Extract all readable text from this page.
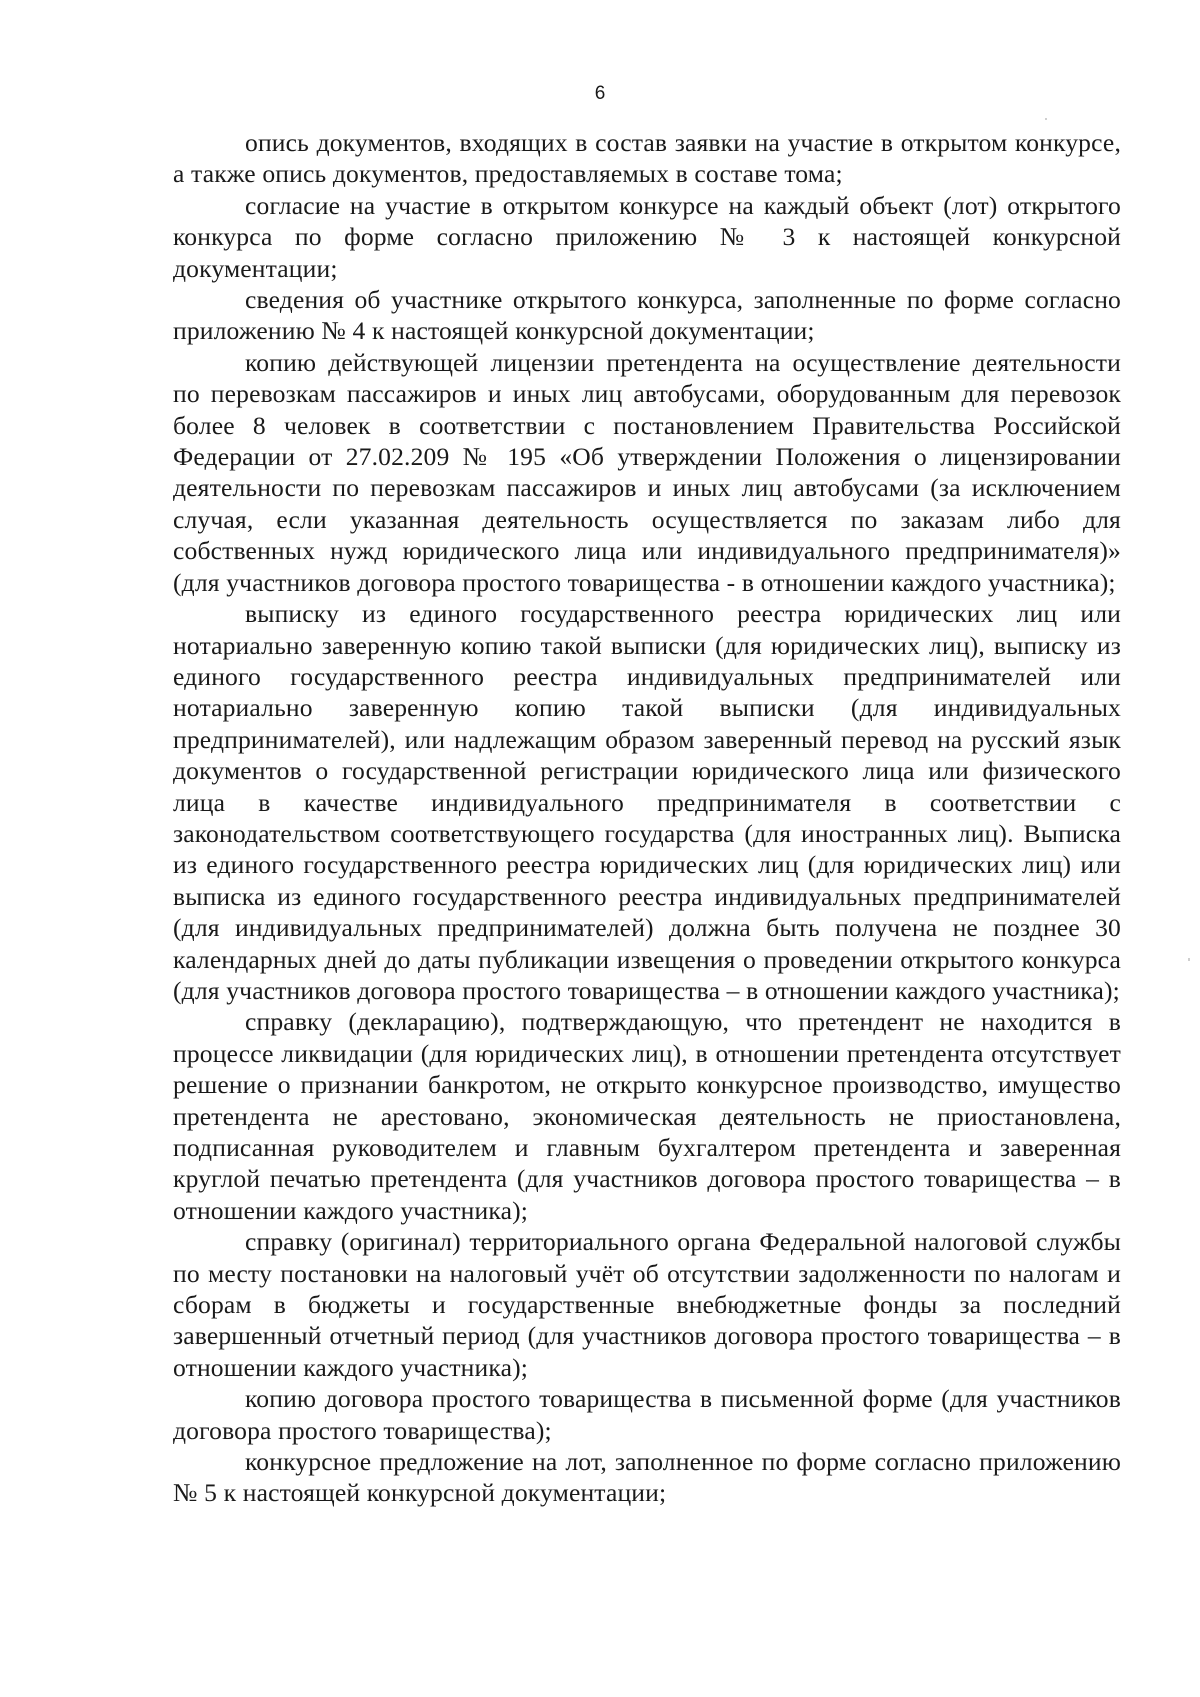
6

опись документов, входящих в состав заявки на участие в открытом конкурсе, а также опись документов, предоставляемых в составе тома;

согласие на участие в открытом конкурсе на каждый объект (лот) открытого конкурса по форме согласно приложению № 3 к настоящей конкурсной документации;

сведения об участнике открытого конкурса, заполненные по форме согласно приложению № 4 к настоящей конкурсной документации;

копию действующей лицензии претендента на осуществление деятельности по перевозкам пассажиров и иных лиц автобусами, оборудованным для перевозок более 8 человек в соответствии с постановлением Правительства Российской Федерации от 27.02.209 № 195 «Об утверждении Положения о лицензировании деятельности по перевозкам пассажиров и иных лиц автобусами (за исключением случая, если указанная деятельность осуществляется по заказам либо для собственных нужд юридического лица или индивидуального предпринимателя)» (для участников договора простого товарищества - в отношении каждого участника);

выписку из единого государственного реестра юридических лиц или нотариально заверенную копию такой выписки (для юридических лиц), выписку из единого государственного реестра индивидуальных предпринимателей или нотариально заверенную копию такой выписки (для индивидуальных предпринимателей), или надлежащим образом заверенный перевод на русский язык документов о государственной регистрации юридического лица или физического лица в качестве индивидуального предпринимателя в соответствии с законодательством соответствующего государства (для иностранных лиц). Выписка из единого государственного реестра юридических лиц (для юридических лиц) или выписка из единого государственного реестра индивидуальных предпринимателей (для индивидуальных предпринимателей) должна быть получена не позднее 30 календарных дней до даты публикации извещения о проведении открытого конкурса (для участников договора простого товарищества – в отношении каждого участника);

справку (декларацию), подтверждающую, что претендент не находится в процессе ликвидации (для юридических лиц), в отношении претендента отсутствует решение о признании банкротом, не открыто конкурсное производство, имущество претендента не арестовано, экономическая деятельность не приостановлена, подписанная руководителем и главным бухгалтером претендента и заверенная круглой печатью претендента (для участников договора простого товарищества – в отношении каждого участника);

справку (оригинал) территориального органа Федеральной налоговой службы по месту постановки на налоговый учёт об отсутствии задолженности по налогам и сборам в бюджеты и государственные внебюджетные фонды за последний завершенный отчетный период (для участников договора простого товарищества – в отношении каждого участника);

копию договора простого товарищества в письменной форме (для участников договора простого товарищества);

конкурсное предложение на лот, заполненное по форме согласно приложению № 5 к настоящей конкурсной документации;
